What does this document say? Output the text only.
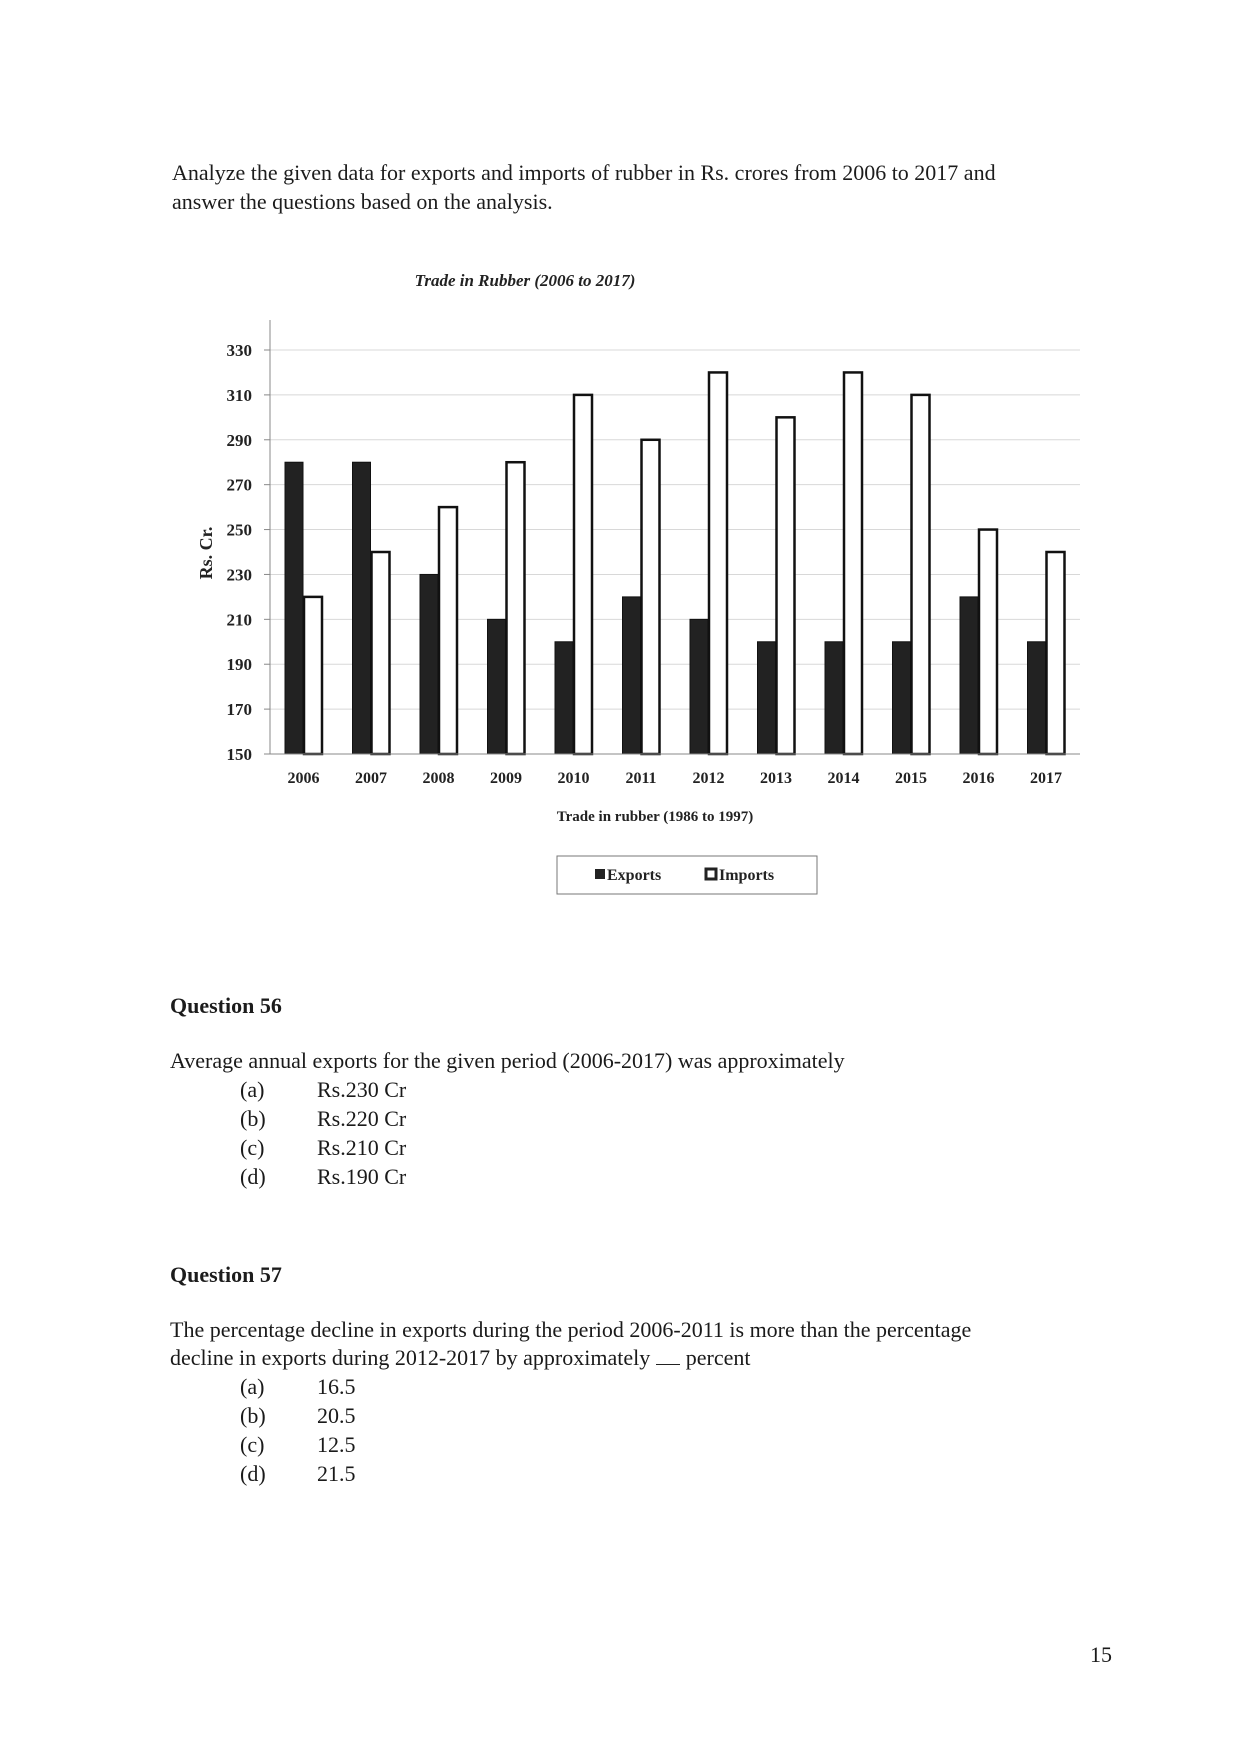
Analyze the given data for exports and imports of rubber in Rs. crores from 2006 to 2017 and

answer the questions based on the analysis.

Trade in Rubber (2006 to 2017)
Rs. Cr.
150
170
190
210
230
250
270
290
310
330
2006 2007 2008 2009 2010 2011 2012 2013 2014 2015 2016 2017
Trade in rubber (1986 to 1997)
Exports	Imports

Question 56

Average annual exports for the given period (2006-2017) was approximately

(a) Rs.230 Cr
(b) Rs.220 Cr
(c) Rs.210 Cr
(d) Rs.190 Cr

Question 57

The percentage decline in exports during the period 2006-2011 is more than the percentage

decline in exports during 2012-2017 by approximately percent

(a) 16.5
(b) 20.5
(c) 12.5
(d) 21.5
15
